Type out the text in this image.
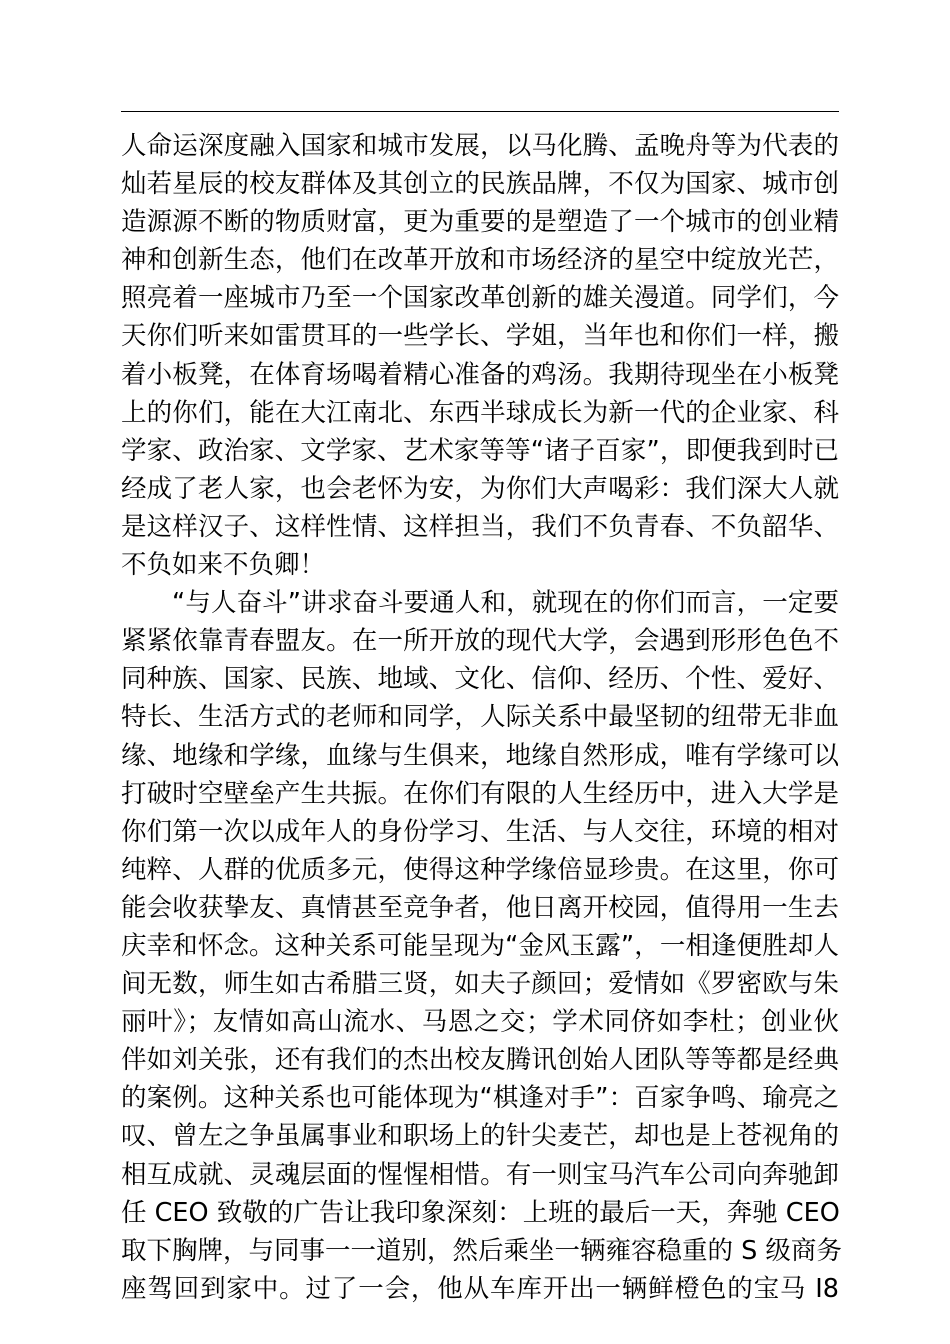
人命运深度融入国家和城市发展，以马化腾、孟晚舟等为代表的
灿若星辰的校友群体及其创立的民族品牌，不仅为国家、城市创
造源源不断的物质财富，更为重要的是塑造了一个城市的创业精
神和创新生态，他们在改革开放和市场经济的星空中绽放光芒，
照亮着一座城市乃至一个国家改革创新的雄关漫道。同学们，今
天你们听来如雷贯耳的一些学长、学姐，当年也和你们一样，搬
着小板凳，在体育场喝着精心准备的鸡汤。我期待现坐在小板凳
上的你们，能在大江南北、东西半球成长为新一代的企业家、科
学家、政治家、文学家、艺术家等等“诸子百家”，即便我到时已
经成了老人家，也会老怀为安，为你们大声喝彩：我们深大人就
是这样汉子、这样性情、这样担当，我们不负青春、不负韶华、
不负如来不负卿！
“与人奋斗”讲求奋斗要通人和，就现在的你们而言，一定要
紧紧依靠青春盟友。在一所开放的现代大学，会遇到形形色色不
同种族、国家、民族、地域、文化、信仰、经历、个性、爱好、
特长、生活方式的老师和同学，人际关系中最坚韧的纽带无非血
缘、地缘和学缘，血缘与生俱来，地缘自然形成，唯有学缘可以
打破时空壁垒产生共振。在你们有限的人生经历中，进入大学是
你们第一次以成年人的身份学习、生活、与人交往，环境的相对
纯粹、人群的优质多元，使得这种学缘倍显珍贵。在这里，你可
能会收获挚友、真情甚至竞争者，他日离开校园，值得用一生去
庆幸和怀念。这种关系可能呈现为“金风玉露”，一相逢便胜却人
间无数，师生如古希腊三贤，如夫子颜回；爱情如《罗密欧与朱
丽叶》；友情如高山流水、马恩之交；学术同侪如李杜；创业伙
伴如刘关张，还有我们的杰出校友腾讯创始人团队等等都是经典
的案例。这种关系也可能体现为“棋逢对手”：百家争鸣、瑜亮之
叹、曾左之争虽属事业和职场上的针尖麦芒，却也是上苍视角的
相互成就、灵魂层面的惺惺相惜。有一则宝马汽车公司向奔驰卸
任 CEO 致敬的广告让我印象深刻：上班的最后一天，奔驰 CEO
取下胸牌，与同事一一道别，然后乘坐一辆雍容稳重的 S 级商务
座驾回到家中。过了一会，他从车库开出一辆鲜橙色的宝马 I8
